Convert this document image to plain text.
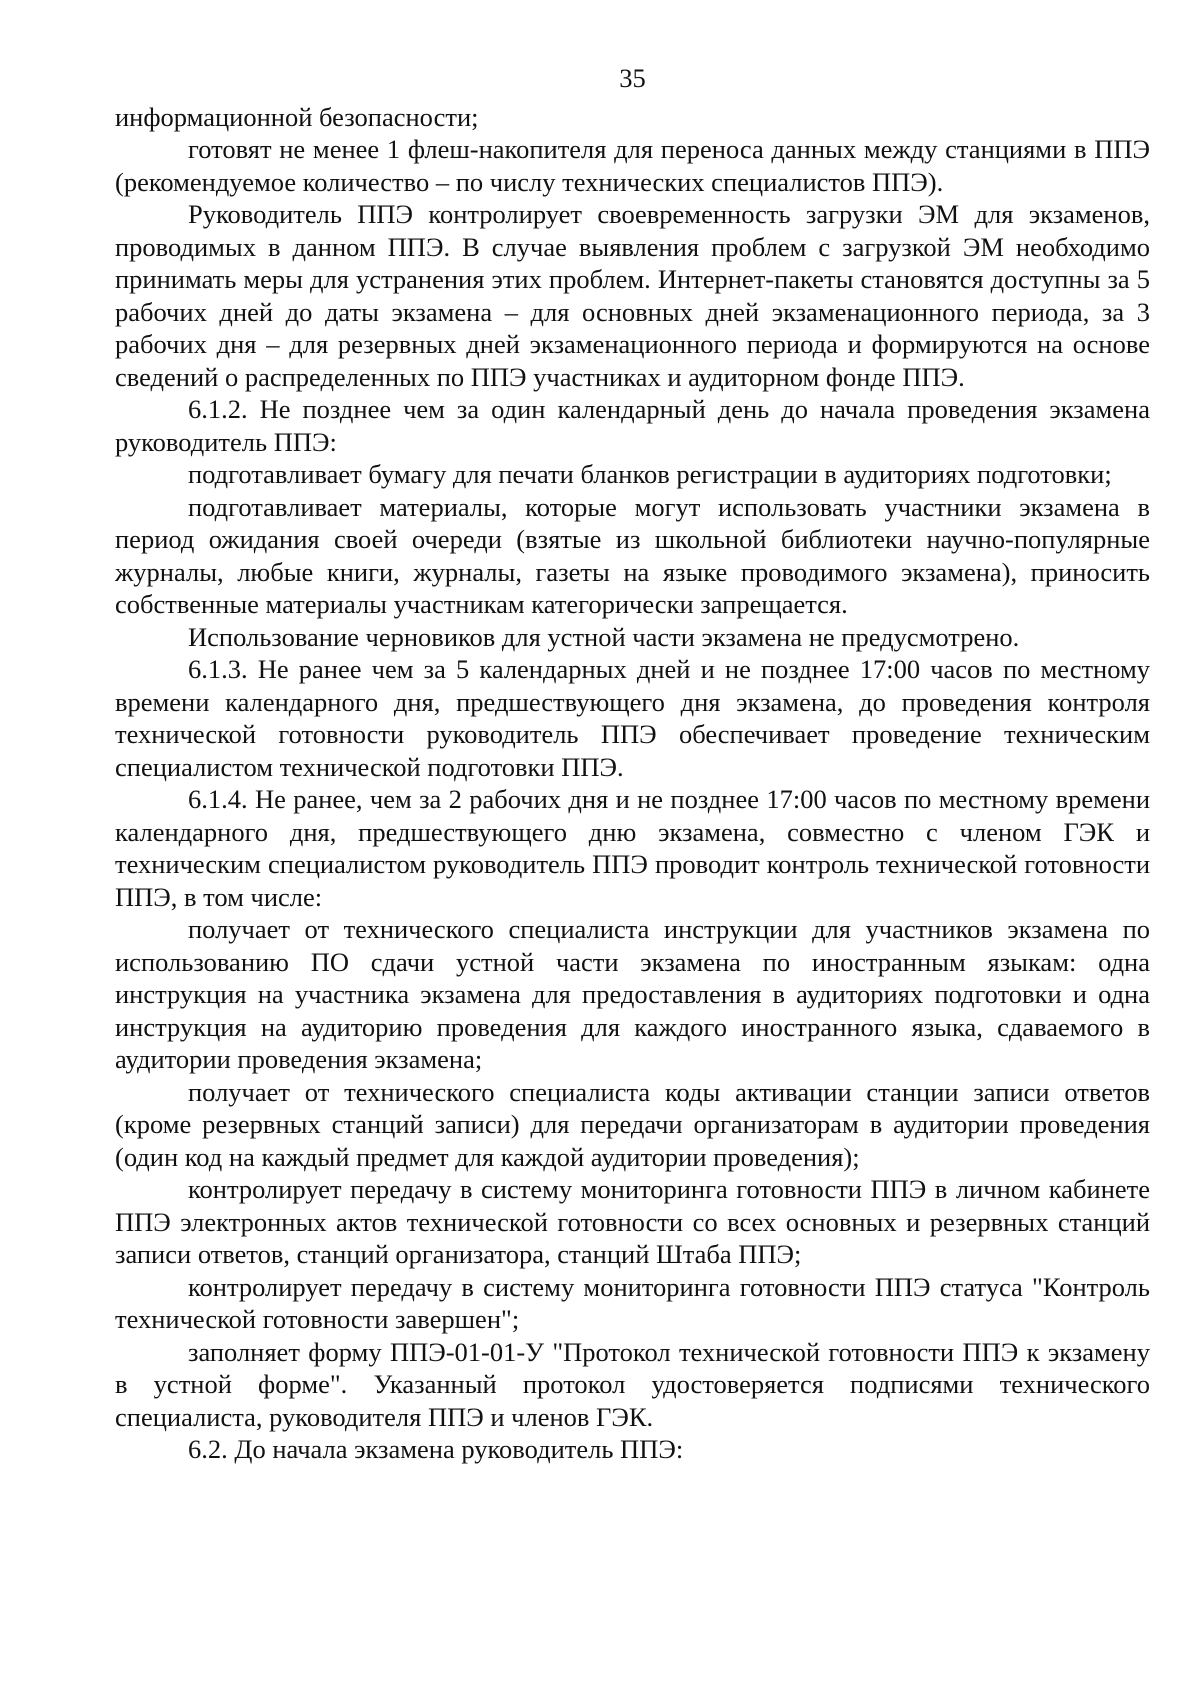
35

информационной безопасности;

готовят не менее 1 флеш-накопителя для переноса данных между станциями в ППЭ (рекомендуемое количество – по числу технических специалистов ППЭ).

Руководитель ППЭ контролирует своевременность загрузки ЭМ для экзаменов, проводимых в данном ППЭ. В случае выявления проблем с загрузкой ЭМ необходимо принимать меры для устранения этих проблем. Интернет-пакеты становятся доступны за 5 рабочих дней до даты экзамена – для основных дней экзаменационного периода, за 3 рабочих дня – для резервных дней экзаменационного периода и формируются на основе сведений о распределенных по ППЭ участниках и аудиторном фонде ППЭ.

6.1.2. Не позднее чем за один календарный день до начала проведения экзамена руководитель ППЭ:

подготавливает бумагу для печати бланков регистрации в аудиториях подготовки;

подготавливает материалы, которые могут использовать участники экзамена в период ожидания своей очереди (взятые из школьной библиотеки научно-популярные журналы, любые книги, журналы, газеты на языке проводимого экзамена), приносить собственные материалы участникам категорически запрещается.

Использование черновиков для устной части экзамена не предусмотрено.

6.1.3. Не ранее чем за 5 календарных дней и не позднее 17:00 часов по местному времени календарного дня, предшествующего дня экзамена, до проведения контроля технической готовности руководитель ППЭ обеспечивает проведение техническим специалистом технической подготовки ППЭ.

6.1.4. Не ранее, чем за 2 рабочих дня и не позднее 17:00 часов по местному времени календарного дня, предшествующего дню экзамена, совместно с членом ГЭК и техническим специалистом руководитель ППЭ проводит контроль технической готовности ППЭ, в том числе:

получает от технического специалиста инструкции для участников экзамена по использованию ПО сдачи устной части экзамена по иностранным языкам: одна инструкция на участника экзамена для предоставления в аудиториях подготовки и одна инструкция на аудиторию проведения для каждого иностранного языка, сдаваемого в аудитории проведения экзамена;

получает от технического специалиста коды активации станции записи ответов (кроме резервных станций записи) для передачи организаторам в аудитории проведения (один код на каждый предмет для каждой аудитории проведения);

контролирует передачу в систему мониторинга готовности ППЭ в личном кабинете ППЭ электронных актов технической готовности со всех основных и резервных станций записи ответов, станций организатора, станций Штаба ППЭ;

контролирует передачу в систему мониторинга готовности ППЭ статуса "Контроль технической готовности завершен";

заполняет форму ППЭ-01-01-У "Протокол технической готовности ППЭ к экзамену в устной форме". Указанный протокол удостоверяется подписями технического специалиста, руководителя ППЭ и членов ГЭК.

6.2. До начала экзамена руководитель ППЭ:
